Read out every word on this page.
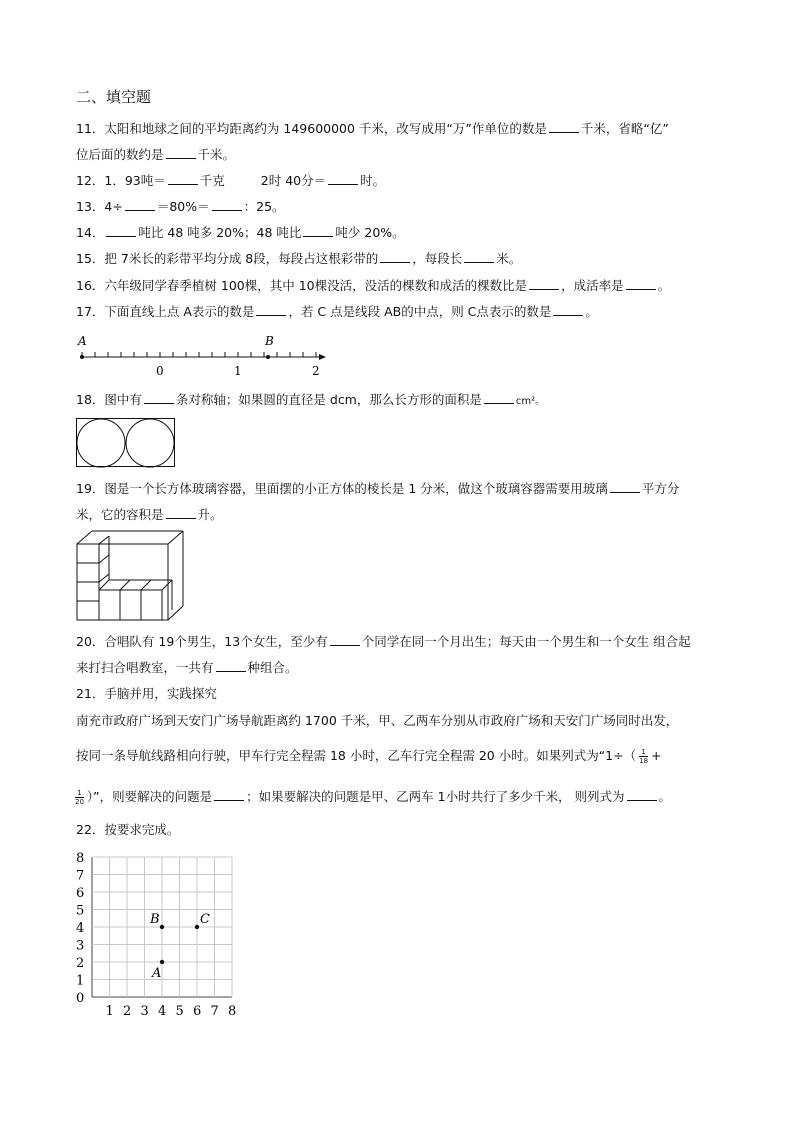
二、填空题
11．太阳和地球之间的平均距离约为 149600000 千米，改写成用“万”作单位的数是	千米，省略“亿”
位后面的数约是	千米。
12．1．93吨＝	千克	2时 40分＝	时。
13．4÷	＝80%＝	：25。
14．	吨比 48 吨多 20%；48 吨比	吨少 20%。
15．把 7米长的彩带平均分成 8段，每段占这根彩带的	，每段长	米。
16．六年级同学春季植树 100棵，其中 10棵没活，没活的棵数和成活的棵数比是	，成活率是	。
17．下面直线上点 A表示的数是	，若 C 点是线段 AB的中点，则 C点表示的数是	。
A	B
0	1	2
18．图中有	条对称轴；如果圆的直径是 dcm，那么长方形的面积是	cm²。
19．图是一个长方体玻璃容器，里面摆的小正方体的棱长是 1 分米，做这个玻璃容器需要用玻璃	平方分
米，它的容积是	升。
20．合唱队有 19个男生，13个女生，至少有	个同学在同一个月出生；每天由一个男生和一个女生 组合起
来打扫合唱教室，一共有	种组合。
21．手脑并用，实践探究
南充市政府广场到天安门广场导航距离约 1700 千米，甲、乙两车分别从市政府广场和天安门广场同时出发，
按同一条导航线路相向行驶，甲车行完全程需 18 小时，乙车行完全程需 20 小时。如果列式为“$1\div( \frac{1}{18}$ +
$\frac{1}{20}$ ）”，则要解决的问题是	；如果要解决的问题是甲、乙两车 1小时共行了多少千米， 则列式为	。
22．按要求完成。
0
1
2
3
4
5
6
7
8
1 2 3 4 5 6 7 8
A
B	C
